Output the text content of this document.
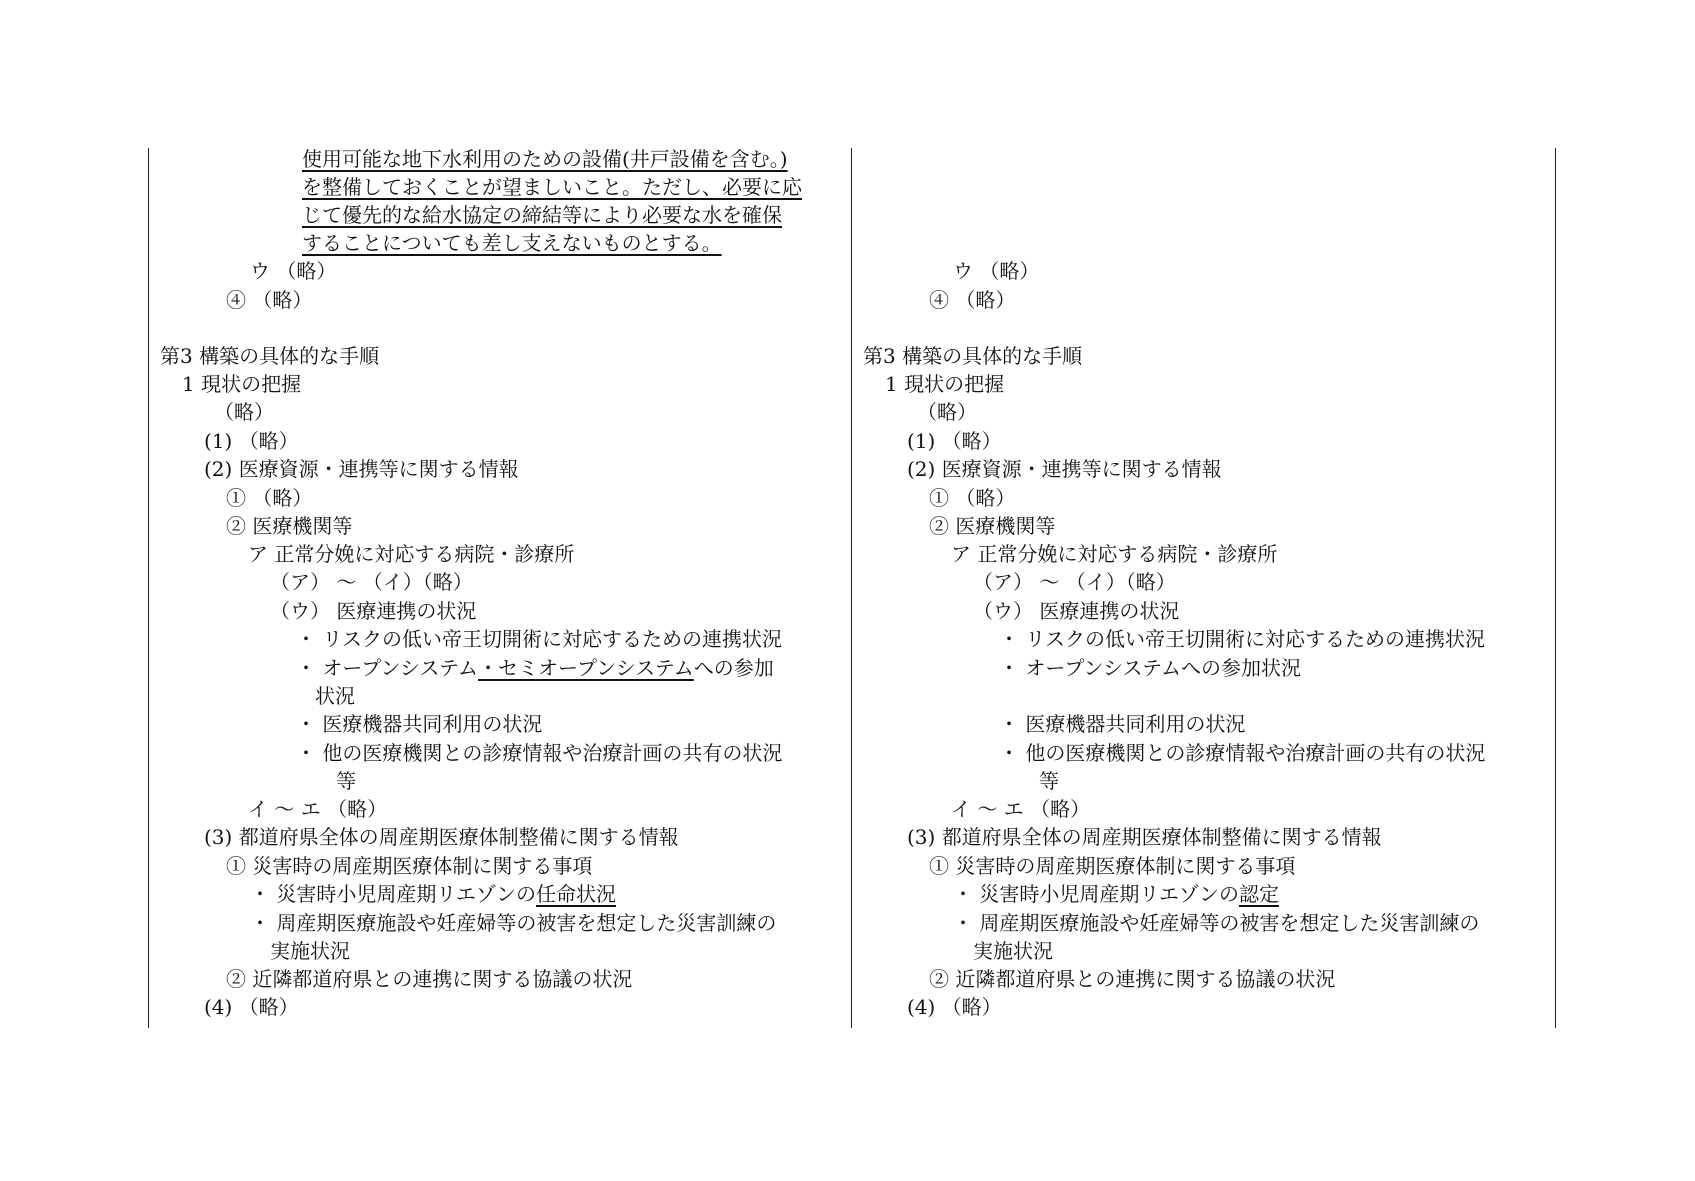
使用可能な地下水利用のための設備(井戸設備を含む。)
を整備しておくことが望ましいこと。ただし、必要に応
じて優先的な給水協定の締結等により必要な水を確保
することについても差し支えないものとする。
ウ （略）
④ （略）
第3 構築の具体的な手順
1 現状の把握
（略）
(1) （略）
(2) 医療資源・連携等に関する情報
① （略）
② 医療機関等
ア 正常分娩に対応する病院・診療所
（ア） ～ （イ）（略）
（ウ） 医療連携の状況
・ リスクの低い帝王切開術に対応するための連携状況
・ オープンシステム・セミオープンシステムへの参加
状況
・ 医療機器共同利用の状況
・ 他の医療機関との診療情報や治療計画の共有の状況
等
イ ～ エ （略）
(3) 都道府県全体の周産期医療体制整備に関する情報
① 災害時の周産期医療体制に関する事項
・ 災害時小児周産期リエゾンの任命状況
・ 周産期医療施設や妊産婦等の被害を想定した災害訓練の
実施状況
② 近隣都道府県との連携に関する協議の状況
(4) （略）
ウ （略）
④ （略）
第3 構築の具体的な手順
1 現状の把握
（略）
(1) （略）
(2) 医療資源・連携等に関する情報
① （略）
② 医療機関等
ア 正常分娩に対応する病院・診療所
（ア） ～ （イ）（略）
（ウ） 医療連携の状況
・ リスクの低い帝王切開術に対応するための連携状況
・ オープンシステムへの参加状況
・ 医療機器共同利用の状況
・ 他の医療機関との診療情報や治療計画の共有の状況
等
イ ～ エ （略）
(3) 都道府県全体の周産期医療体制整備に関する情報
① 災害時の周産期医療体制に関する事項
・ 災害時小児周産期リエゾンの認定
・ 周産期医療施設や妊産婦等の被害を想定した災害訓練の
実施状況
② 近隣都道府県との連携に関する協議の状況
(4) （略）
